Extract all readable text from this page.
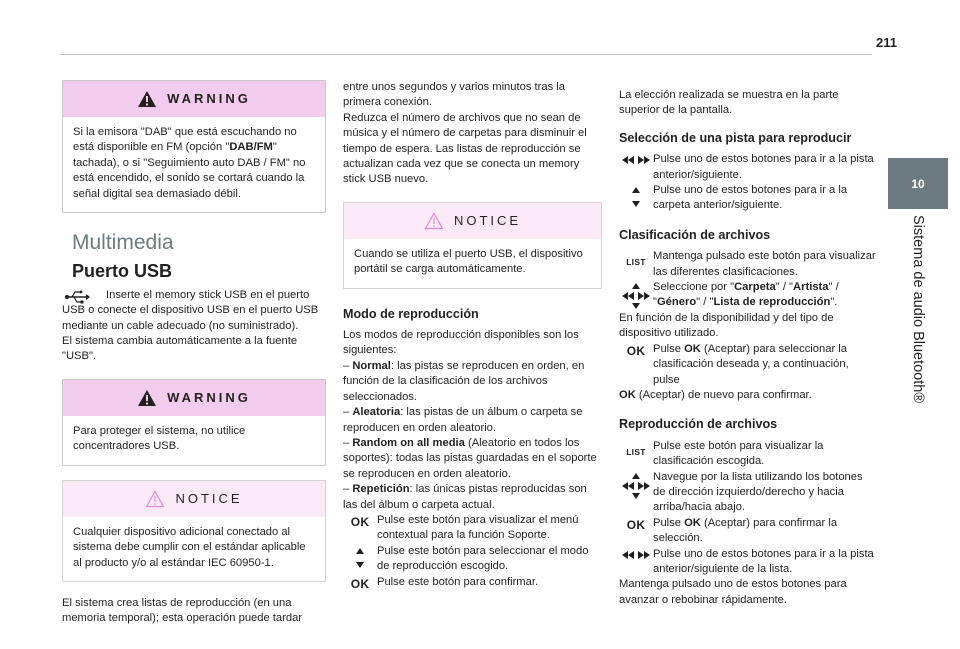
211
10
Sistema de audio Bluetooth®
WARNING

Si la emisora "DAB" que está escuchando no está disponible en FM (opción "DAB/FM" tachada), o si "Seguimiento auto DAB / FM" no está encendido, el sonido se cortará cuando la señal digital sea demasiado débil.

Multimedia
Puerto USB

Inserte el memory stick USB en el puerto USB o conecte el dispositivo USB en el puerto USB mediante un cable adecuado (no suministrado).

El sistema cambia automáticamente a la fuente "USB".

WARNING

Para proteger el sistema, no utilice concentradores USB.

NOTICE

Cualquier dispositivo adicional conectado al sistema debe cumplir con el estándar aplicable al producto y/o al estándar IEC 60950-1.

El sistema crea listas de reproducción (en una memoria temporal); esta operación puede tardar

entre unos segundos y varios minutos tras la primera conexión.

Reduzca el número de archivos que no sean de música y el número de carpetas para disminuir el tiempo de espera. Las listas de reproducción se actualizan cada vez que se conecta un memory stick USB nuevo.

NOTICE

Cuando se utiliza el puerto USB, el dispositivo portátil se carga automáticamente.

Modo de reproducción

Los modos de reproducción disponibles son los siguientes:

– Normal: las pistas se reproducen en orden, en función de la clasificación de los archivos seleccionados.

– Aleatoria: las pistas de un álbum o carpeta se reproducen en orden aleatorio.

– Random on all media (Aleatorio en todos los soportes): todas las pistas guardadas en el soporte se reproducen en orden aleatorio.

– Repetición: las únicas pistas reproducidas son las del álbum o carpeta actual.

OK Pulse este botón para visualizar el menú contextual para la función Soporte.
Pulse este botón para seleccionar el modo de reproducción escogido.
OK Pulse este botón para confirmar.

La elección realizada se muestra en la parte superior de la pantalla.

Selección de una pista para reproducir
Pulse uno de estos botones para ir a la pista anterior/siguiente.
Pulse uno de estos botones para ir a la carpeta anterior/siguiente.
Clasificación de archivos
LIST Mantenga pulsado este botón para visualizar las diferentes clasificaciones.
Seleccione por "Carpeta" / "Artista" / "Género" / "Lista de reproducción".

En función de la disponibilidad y del tipo de dispositivo utilizado.

OK Pulse OK (Aceptar) para seleccionar la clasificación deseada y, a continuación, pulse

OK (Aceptar) de nuevo para confirmar.

Reproducción de archivos
LIST Pulse este botón para visualizar la clasificación escogida.
Navegue por la lista utilizando los botones de dirección izquierdo/derecho y hacia arriba/hacia abajo.
OK Pulse OK (Aceptar) para confirmar la selección.
Pulse uno de estos botones para ir a la pista anterior/siguiente de la lista.

Mantenga pulsado uno de estos botones para avanzar o rebobinar rápidamente.
